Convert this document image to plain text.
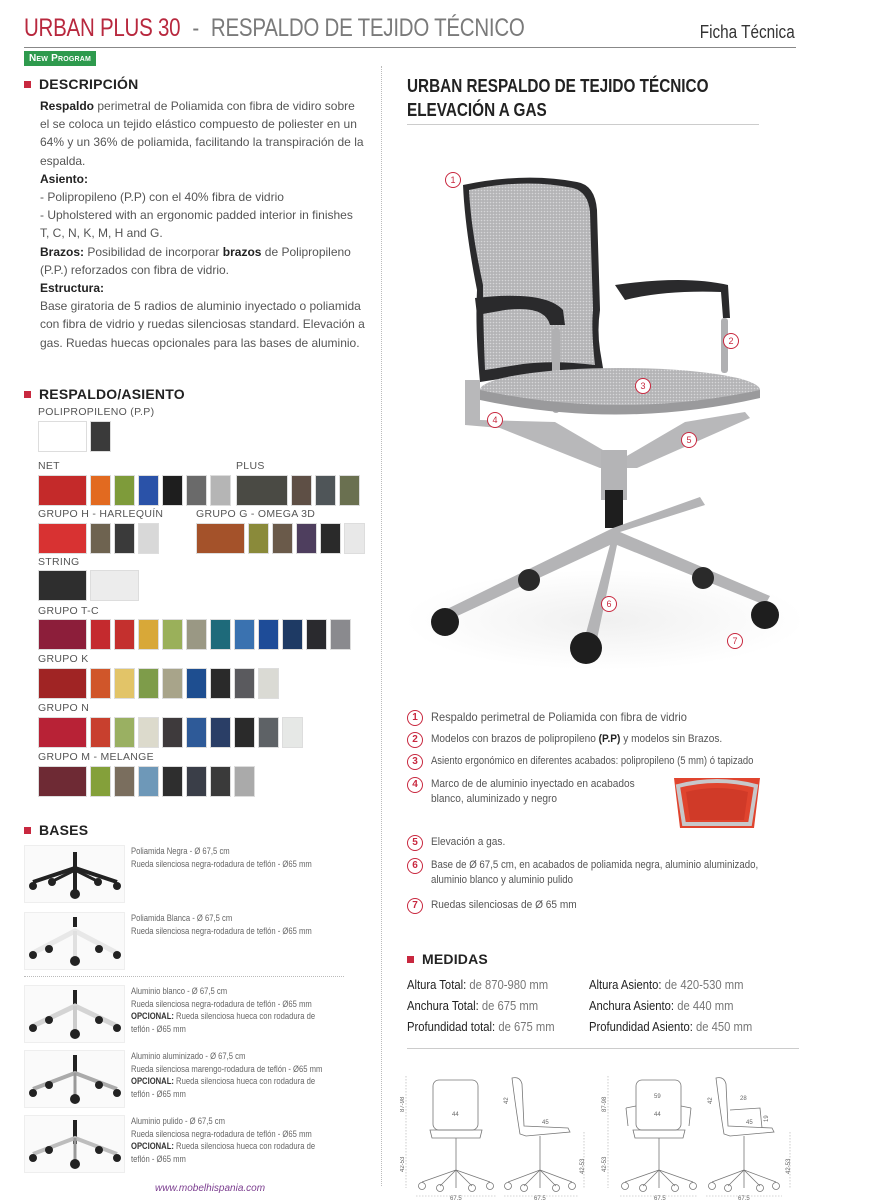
URBAN PLUS 30 - RESPALDO DE TEJIDO TÉCNICO	Ficha Técnica
New Program
DESCRIPCIÓN

Respaldo perimetral de Poliamida con fibra de vidiro sobre el se coloca un tejido elástico compuesto de poliester en un 64% y un 36% de poliamida, facilitando la transpiración de la espalda.

Asiento:

- Polipropileno (P.P) con el 40% fibra de vidrio

- Upholstered with an ergonomic padded interior in finishes T, C, N, K, M, H and G.

Brazos: Posibilidad de incorporar brazos de Polipropileno (P.P.) reforzados con fibra de vidrio.

Estructura:

Base giratoria de 5 radios de aluminio inyectado o poliamida con fibra de vidrio y ruedas silenciosas standard. Elevación a gas. Ruedas huecas opcionales para las bases de aluminio.

RESPALDO/ASIENTO
POLIPROPILENO (P.P)
NET	PLUS
GRUPO H - HARLEQUÍN	GRUPO G - OMEGA 3D
STRING
GRUPO T-C
GRUPO K
GRUPO N
GRUPO M - MELANGE
BASES
Poliamida Negra - Ø 67,5 cm
Rueda silenciosa negra-rodadura de teflón - Ø65 mm
Poliamida Blanca - Ø 67,5 cm
Rueda silenciosa negra-rodadura de teflón - Ø65 mm
Aluminio blanco - Ø 67,5 cm
Rueda silenciosa negra-rodadura de teflón - Ø65 mm
OPCIONAL: Rueda silenciosa hueca con rodadura de
teflón - Ø65 mm
Aluminio aluminizado - Ø 67,5 cm
Rueda silenciosa marengo-rodadura de teflón - Ø65 mm
OPCIONAL: Rueda silenciosa hueca con rodadura de
teflón - Ø65 mm
Aluminio pulido - Ø 67,5 cm
Rueda silenciosa negra-rodadura de teflón - Ø65 mm
OPCIONAL: Rueda silenciosa hueca con rodadura de
teflón - Ø65 mm
www.mobelhispania.com
URBAN RESPALDO DE TEJIDO TÉCNICO
ELEVACIÓN A GAS
1
2
3
4
5
6
7
1	Respaldo perimetral de Poliamida con fibra de vidrio
2	Modelos con brazos de polipropileno (P.P) y modelos sin Brazos.
3	Asiento ergonómico en diferentes acabados: polipropileno (5 mm) ó tapizado
4	Marco de de aluminio inyectado en acabados
blanco, aluminizado y negro
5	Elevación a gas.
6	Base de Ø 67,5 cm, en acabados de poliamida negra, aluminio aluminizado,
aluminio blanco y aluminio pulido
7	Ruedas silenciosas de Ø 65 mm
MEDIDAS
Altura Total: de 870-980 mm
Anchura Total: de 675 mm
Profundidad total: de 675 mm
Altura Asiento: de 420-530 mm
Anchura Asiento: de 440 mm
Profundidad Asiento: de 450 mm
87-98
44
42-53
67,5
42
45
42-53
67,5
87-98	59
44
42-53
67,5
42	28
19
45
42-53
67,5
